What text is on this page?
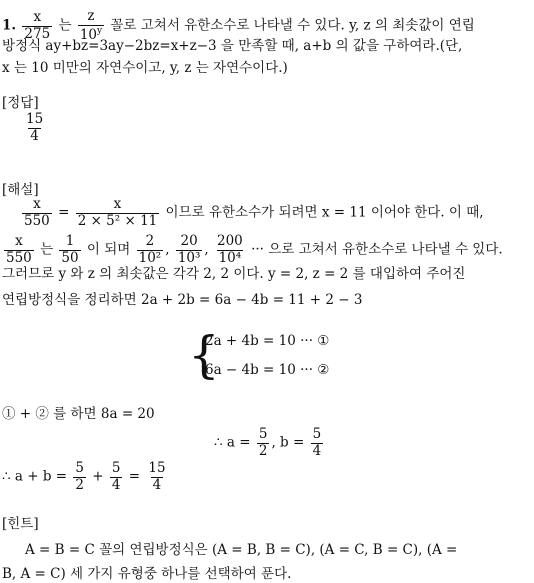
1. $\frac{x}{275}$ 는 $\frac{z}{10^y}$ 꼴로 고쳐서 유한소수로 나타낼 수 있다. y, z 의 최솟값이 연립
방정식 ay+bz=3ay−2bz=x+z−3 을 만족할 때, a+b 의 값을 구하여라.(단,
x 는 10 미만의 자연수이고, y, z 는 자연수이다.)
[정답]
$\frac{15}{4}$
[해설]
$\frac{x}{550} = \frac{x}{\text{2 × 5² × 11}}$ 이므로 유한소수가 되려면 x = 11 이어야 한다. 이 때,
$\frac{x}{550}$ 는 $\frac{1}{50}$ 이 되며 $\frac{2}{\text{10²}}$ , $\frac{20}{\text{10³}}$ , $\frac{200}{\text{10⁴}}$ ··· 으로 고쳐서 유한소수로 나타낼 수 있다.
그러므로 y 와 z 의 최솟값은 각각 2, 2 이다. y = 2, z = 2 를 대입하여 주어진
연립방정식을 정리하면 2a + 2b = 6a − 4b = 11 + 2 − 3
{
2a + 4b = 10 ··· ①
6a − 4b = 10 ··· ②
① + ② 를 하면 8a = 20
∴ $a = \frac{5}{2}$ , $b = \frac{5}{4}$
∴ $a + b = \frac{5}{2} + \frac{5}{4} = \frac{15}{4}$
[힌트]
A = B = C 꼴의 연립방정식은 (A = B, B = C), (A = C, B = C), (A =
B, A = C) 세 가지 유형중 하나를 선택하여 푼다.
